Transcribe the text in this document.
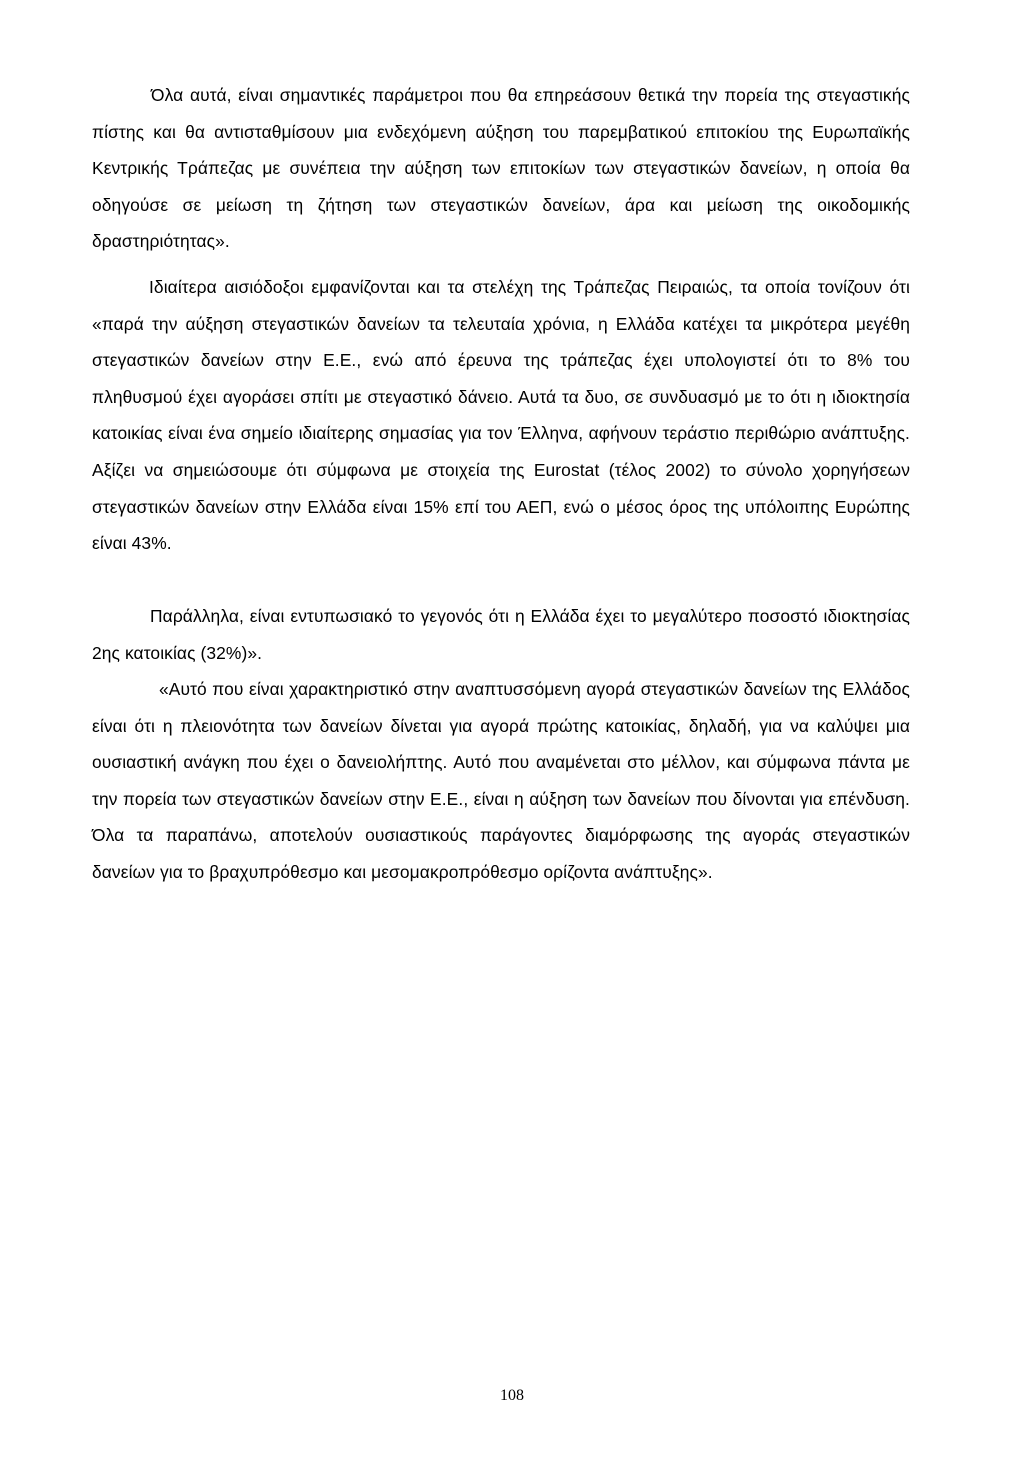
Όλα αυτά, είναι σημαντικές παράμετροι που θα επηρεάσουν θετικά την πορεία της στεγαστικής πίστης και θα αντισταθμίσουν μια ενδεχόμενη αύξηση του παρεμβατικού επιτοκίου της Ευρωπαϊκής Κεντρικής Τράπεζας με συνέπεια την αύξηση των επιτοκίων των στεγαστικών δανείων, η οποία θα οδηγούσε σε μείωση τη ζήτηση των στεγαστικών δανείων, άρα και μείωση της οικοδομικής δραστηριότητας».

Ιδιαίτερα αισιόδοξοι εμφανίζονται και τα στελέχη της Τράπεζας Πειραιώς, τα οποία τονίζουν ότι «παρά την αύξηση στεγαστικών δανείων τα τελευταία χρόνια, η Ελλάδα κατέχει τα μικρότερα μεγέθη στεγαστικών δανείων στην Ε.Ε., ενώ από έρευνα της τράπεζας έχει υπολογιστεί ότι το 8% του πληθυσμού έχει αγοράσει σπίτι με στεγαστικό δάνειο. Αυτά τα δυο, σε συνδυασμό με το ότι η ιδιοκτησία κατοικίας είναι ένα σημείο ιδιαίτερης σημασίας για τον Έλληνα, αφήνουν τεράστιο περιθώριο ανάπτυξης. Αξίζει να σημειώσουμε ότι σύμφωνα με στοιχεία της Eurostat (τέλος 2002) το σύνολο χορηγήσεων στεγαστικών δανείων στην Ελλάδα είναι 15% επί του ΑΕΠ, ενώ ο μέσος όρος της υπόλοιπης Ευρώπης είναι 43%.

Παράλληλα, είναι εντυπωσιακό το γεγονός ότι η Ελλάδα έχει το μεγαλύτερο ποσοστό ιδιοκτησίας 2ης κατοικίας (32%)».

«Αυτό που είναι χαρακτηριστικό στην αναπτυσσόμενη αγορά στεγαστικών δανείων της Ελλάδος είναι ότι η πλειονότητα των δανείων δίνεται για αγορά πρώτης κατοικίας, δηλαδή, για να καλύψει μια ουσιαστική ανάγκη που έχει ο δανειολήπτης. Αυτό που αναμένεται στο μέλλον, και σύμφωνα πάντα με την πορεία των στεγαστικών δανείων στην Ε.Ε., είναι η αύξηση των δανείων που δίνονται για επένδυση. Όλα τα παραπάνω, αποτελούν ουσιαστικούς παράγοντες διαμόρφωσης της αγοράς στεγαστικών δανείων για το βραχυπρόθεσμο και μεσομακροπρόθεσμο ορίζοντα ανάπτυξης».

108
